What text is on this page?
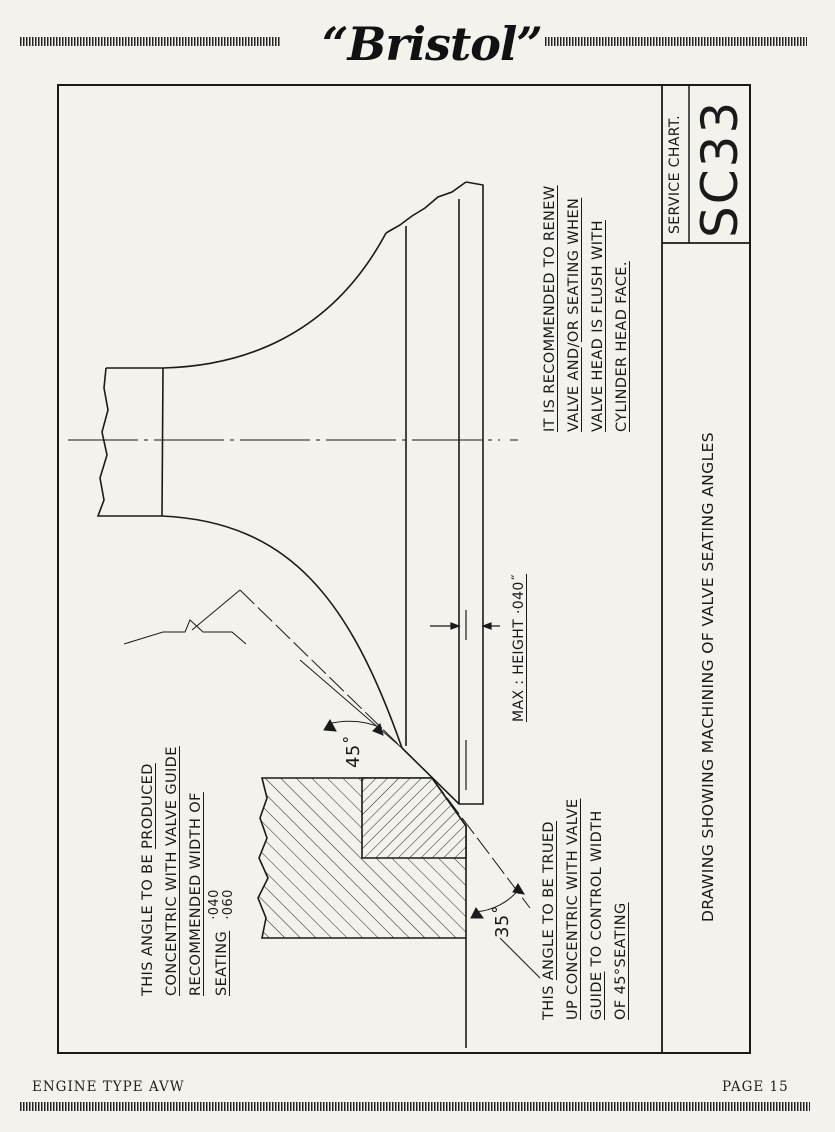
“Bristol”
SERVICE CHART. SC33
DRAWING SHOWING MACHINING OF VALVE SEATING ANGLES
IT IS RECOMMENDED TO RENEW VALVE AND/OR SEATING WHEN
VALVE HEAD IS FLUSH WITH CYLINDER HEAD FACE.
THIS ANGLE TO BE PRODUCED CONCENTRIC WITH VALVE GUIDE RECOMMENDED WIDTH OF SEATING
·040 ·060
THIS ANGLE TO BE TRUED UP CONCENTRIC WITH VALVE GUIDE TO CONTROL WIDTH OF 45°SEATING
MAX : HEIGHT ·040˝
45˚
35˚
ENGINE TYPE AVW	PAGE 15
